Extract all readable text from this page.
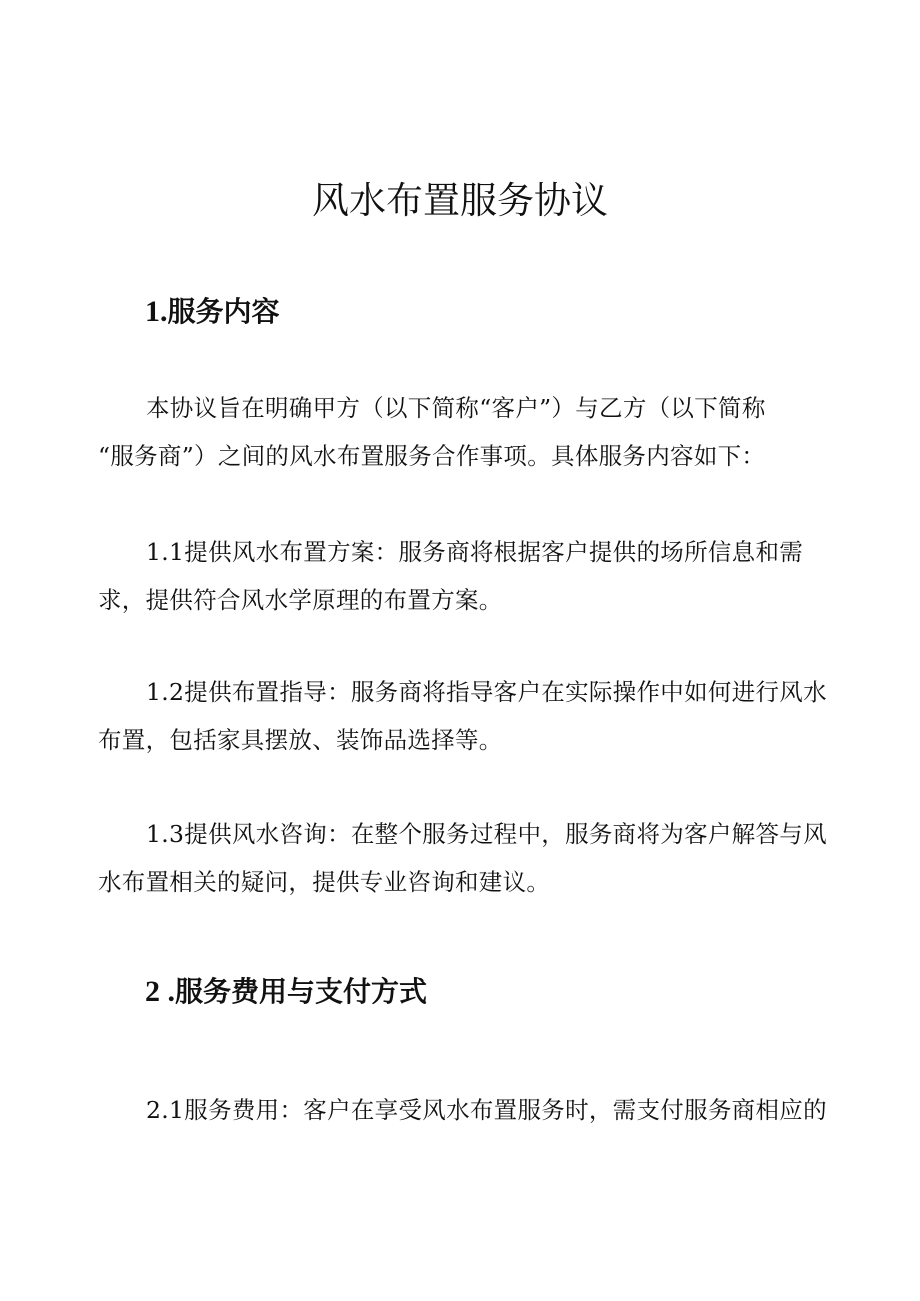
风水布置服务协议
1.服务内容
本协议旨在明确甲方（以下简称“客户”）与乙方（以下简称
“服务商”）之间的风水布置服务合作事项。具体服务内容如下：
1.1提供风水布置方案：服务商将根据客户提供的场所信息和需
求，提供符合风水学原理的布置方案。
1.2提供布置指导：服务商将指导客户在实际操作中如何进行风水
布置，包括家具摆放、装饰品选择等。
1.3提供风水咨询：在整个服务过程中，服务商将为客户解答与风
水布置相关的疑问，提供专业咨询和建议。
2 .服务费用与支付方式
2.1服务费用：客户在享受风水布置服务时，需支付服务商相应的
